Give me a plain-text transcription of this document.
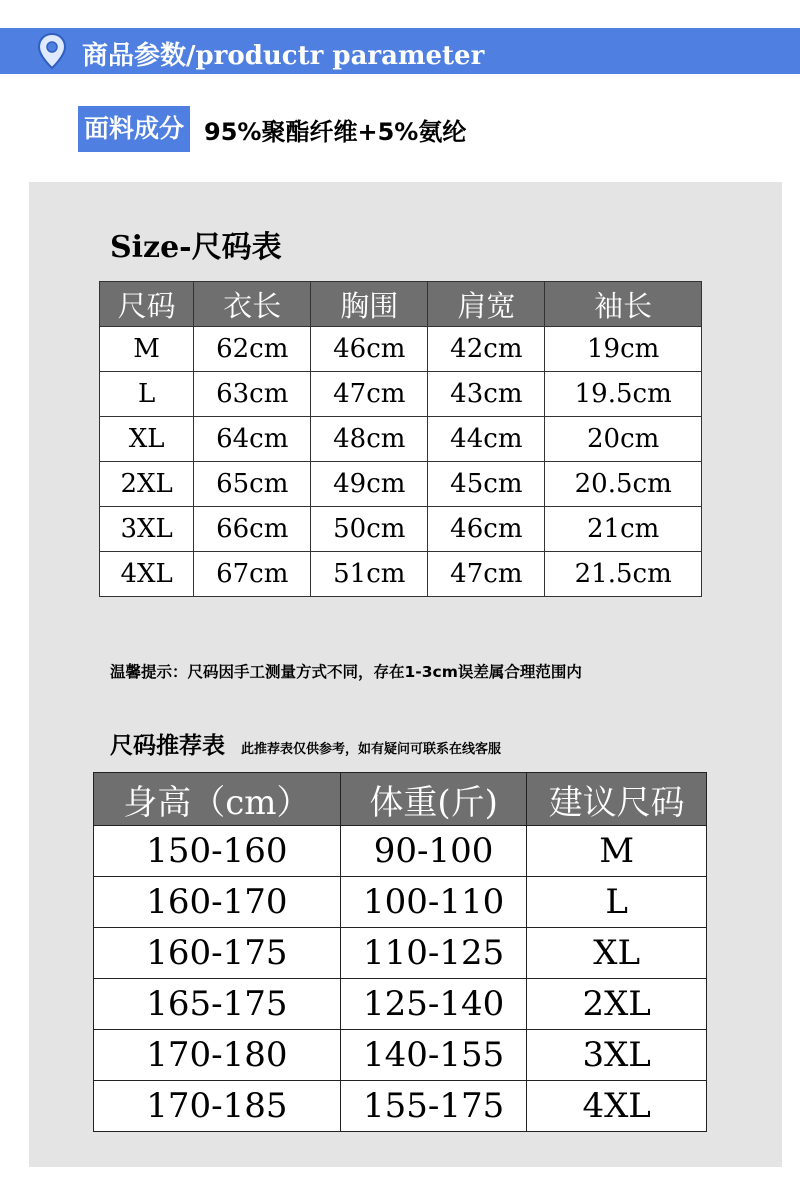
商品参数/productr parameter
面料成分 95%聚酯纤维+5%氨纶
Size-尺码表
尺码	衣长	胸围	肩宽	袖长
M	62cm	46cm	42cm	19cm
L	63cm	47cm	43cm	19.5cm
XL	64cm	48cm	44cm	20cm
2XL	65cm	49cm	45cm	20.5cm
3XL	66cm	50cm	46cm	21cm
4XL	67cm	51cm	47cm	21.5cm
温馨提示：尺码因手工测量方式不同，存在1-3cm误差属合理范围内
尺码推荐表 此推荐表仅供参考，如有疑问可联系在线客服
身高（cm）	体重(斤)	建议尺码
150-160	90-100	M
160-170	100-110	L
160-175	110-125	XL
165-175	125-140	2XL
170-180	140-155	3XL
170-185	155-175	4XL
